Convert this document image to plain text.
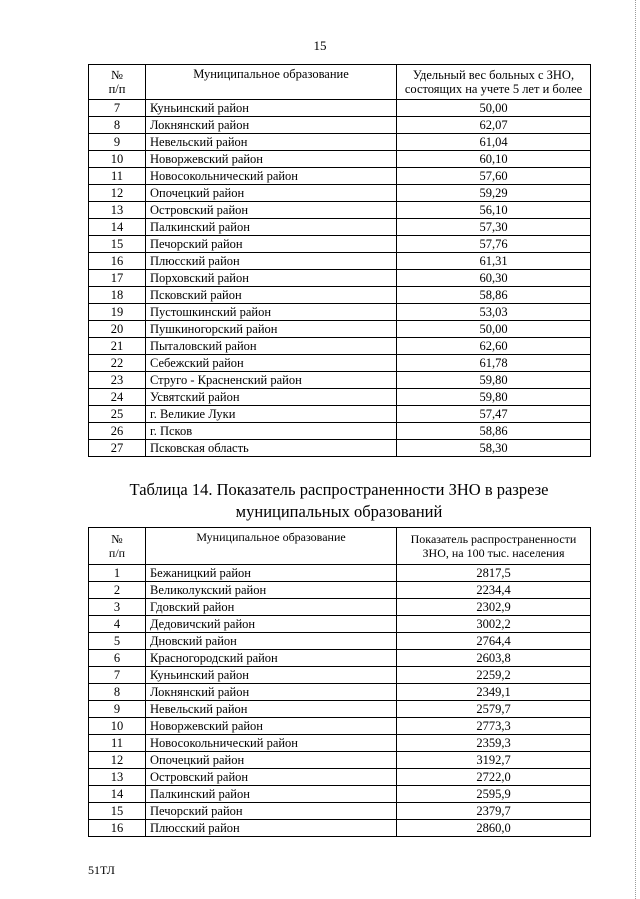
15
№
п/п	Муниципальное образование	Удельный вес больных с ЗНО,
состоящих на учете 5 лет и более
7	Куньинский район	50,00
8	Локнянский район	62,07
9	Невельский район	61,04
10	Новоржевский район	60,10
11	Новосокольнический район	57,60
12	Опочецкий район	59,29
13	Островский район	56,10
14	Палкинский район	57,30
15	Печорский район	57,76
16	Плюсский район	61,31
17	Порховский район	60,30
18	Псковский район	58,86
19	Пустошкинский район	53,03
20	Пушкиногорский район	50,00
21	Пыталовский район	62,60
22	Себежский район	61,78
23	Струго - Красненский район	59,80
24	Усвятский район	59,80
25	г. Великие Луки	57,47
26	г. Псков	58,86
27	Псковская область	58,30
Таблица 14. Показатель распространенности ЗНО в разрезе муниципальных образований
№
п/п	Муниципальное образование	Показатель распространенности
ЗНО, на 100 тыс. населения
1	Бежаницкий район	2817,5
2	Великолукский район	2234,4
3	Гдовский район	2302,9
4	Дедовичский район	3002,2
5	Дновский район	2764,4
6	Красногородский район	2603,8
7	Куньинский район	2259,2
8	Локнянский район	2349,1
9	Невельский район	2579,7
10	Новоржевский район	2773,3
11	Новосокольнический район	2359,3
12	Опочецкий район	3192,7
13	Островский район	2722,0
14	Палкинский район	2595,9
15	Печорский район	2379,7
16	Плюсский район	2860,0
51ТЛ
